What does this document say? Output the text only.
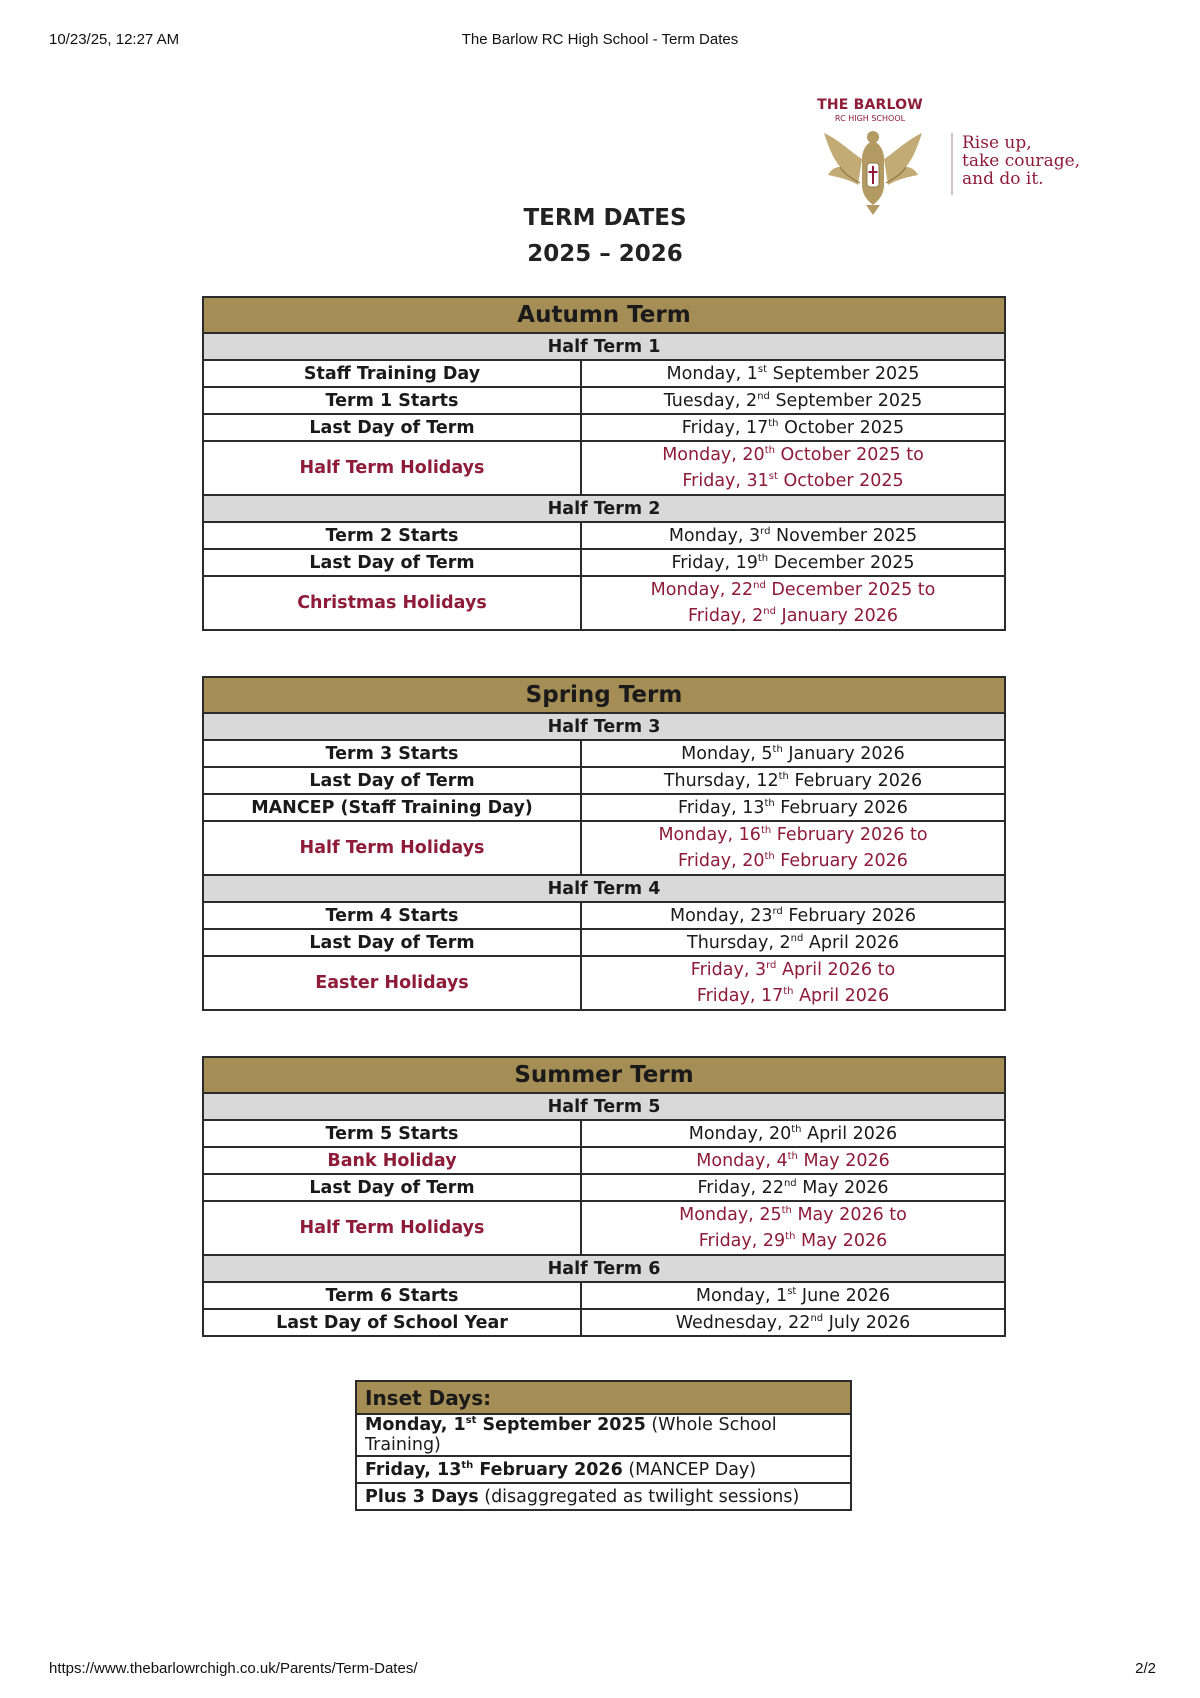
10/23/25, 12:27 AM	The Barlow RC High School - Term Dates
THE BARLOW
RC HIGH SCHOOL
Rise up,
take courage,
and do it.
TERM DATES
2025 – 2026
Autumn Term	
Half Term 1	
Staff Training Day	Monday, 1st September 2025

Term 1 Starts	Tuesday, 2nd September 2025

Last Day of Term	Friday, 17th October 2025

Half Term Holidays	Monday, 20th October 2025 to
Friday, 31st October 2025

Half Term 2	
Term 2 Starts	Monday, 3rd November 2025

Last Day of Term	Friday, 19th December 2025

Christmas Holidays	Monday, 22nd December 2025 to
Friday, 2nd January 2026
Spring Term	
Half Term 3	
Term 3 Starts	Monday, 5th January 2026

Last Day of Term	Thursday, 12th February 2026

MANCEP (Staff Training Day)	Friday, 13th February 2026

Half Term Holidays	Monday, 16th February 2026 to
Friday, 20th February 2026

Half Term 4	
Term 4 Starts	Monday, 23rd February 2026

Last Day of Term	Thursday, 2nd April 2026

Easter Holidays	Friday, 3rd April 2026 to
Friday, 17th April 2026
Summer Term	
Half Term 5	
Term 5 Starts	Monday, 20th April 2026

Bank Holiday	Monday, 4th May 2026

Last Day of Term	Friday, 22nd May 2026

Half Term Holidays	Monday, 25th May 2026 to
Friday, 29th May 2026

Half Term 6	
Term 6 Starts	Monday, 1st June 2026

Last Day of School Year	Wednesday, 22nd July 2026
Inset Days:
Monday, 1st September 2025 (Whole School Training)
Friday, 13th February 2026 (MANCEP Day)
Plus 3 Days (disaggregated as twilight sessions)
https://www.thebarlowrchigh.co.uk/Parents/Term-Dates/	2/2
